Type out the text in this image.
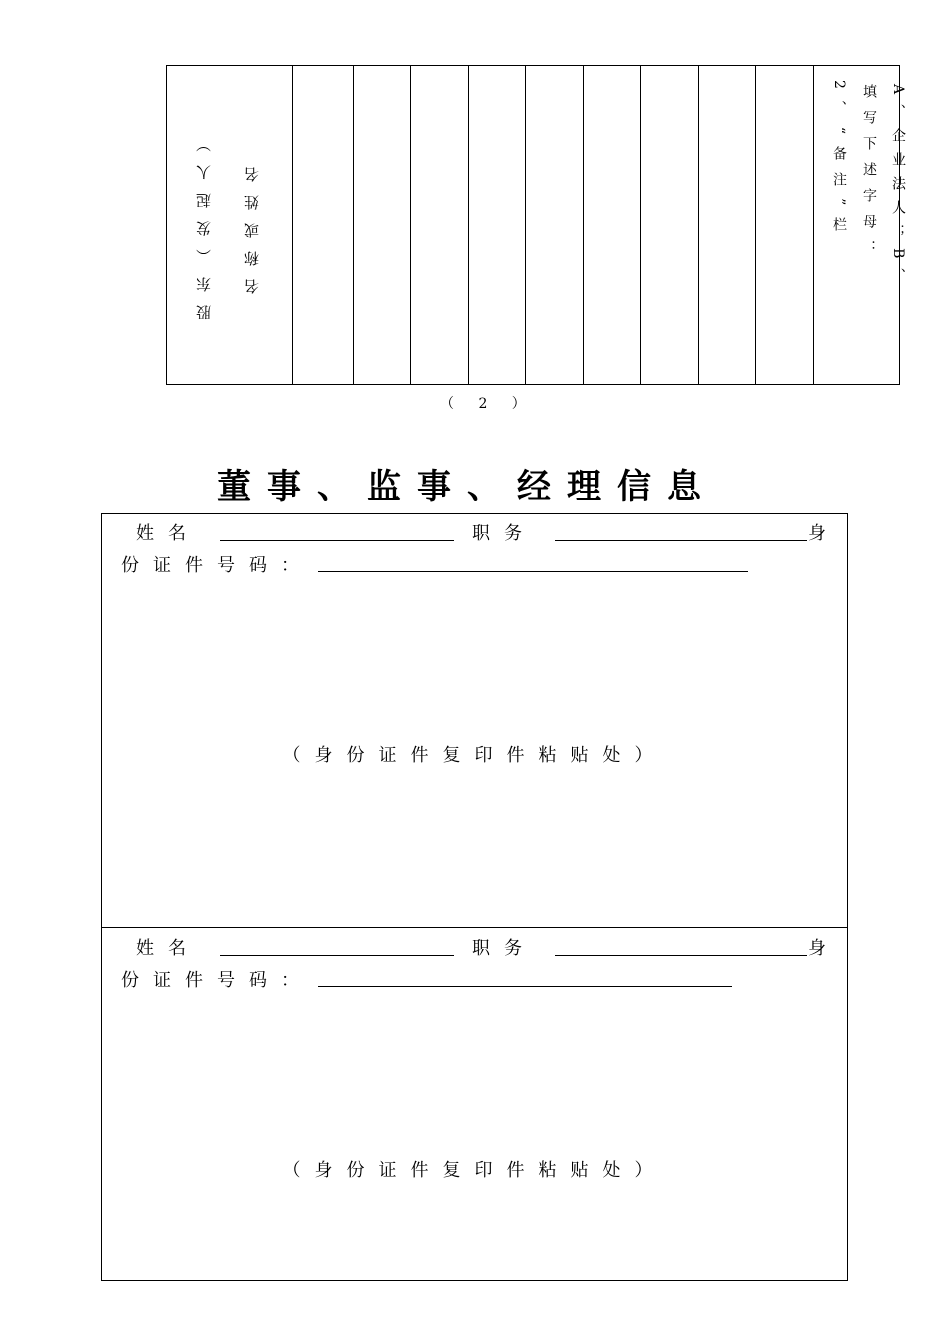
股东（发起人） 名称或姓名	2、“备注”栏 填写下述字母： A、企业法人；B、
（ 2 ）
董事、监事、经理信息
姓名	职务	身
份证件号码：
（身份证件复印件粘贴处）
姓名	职务	身
份证件号码：
（身份证件复印件粘贴处）
